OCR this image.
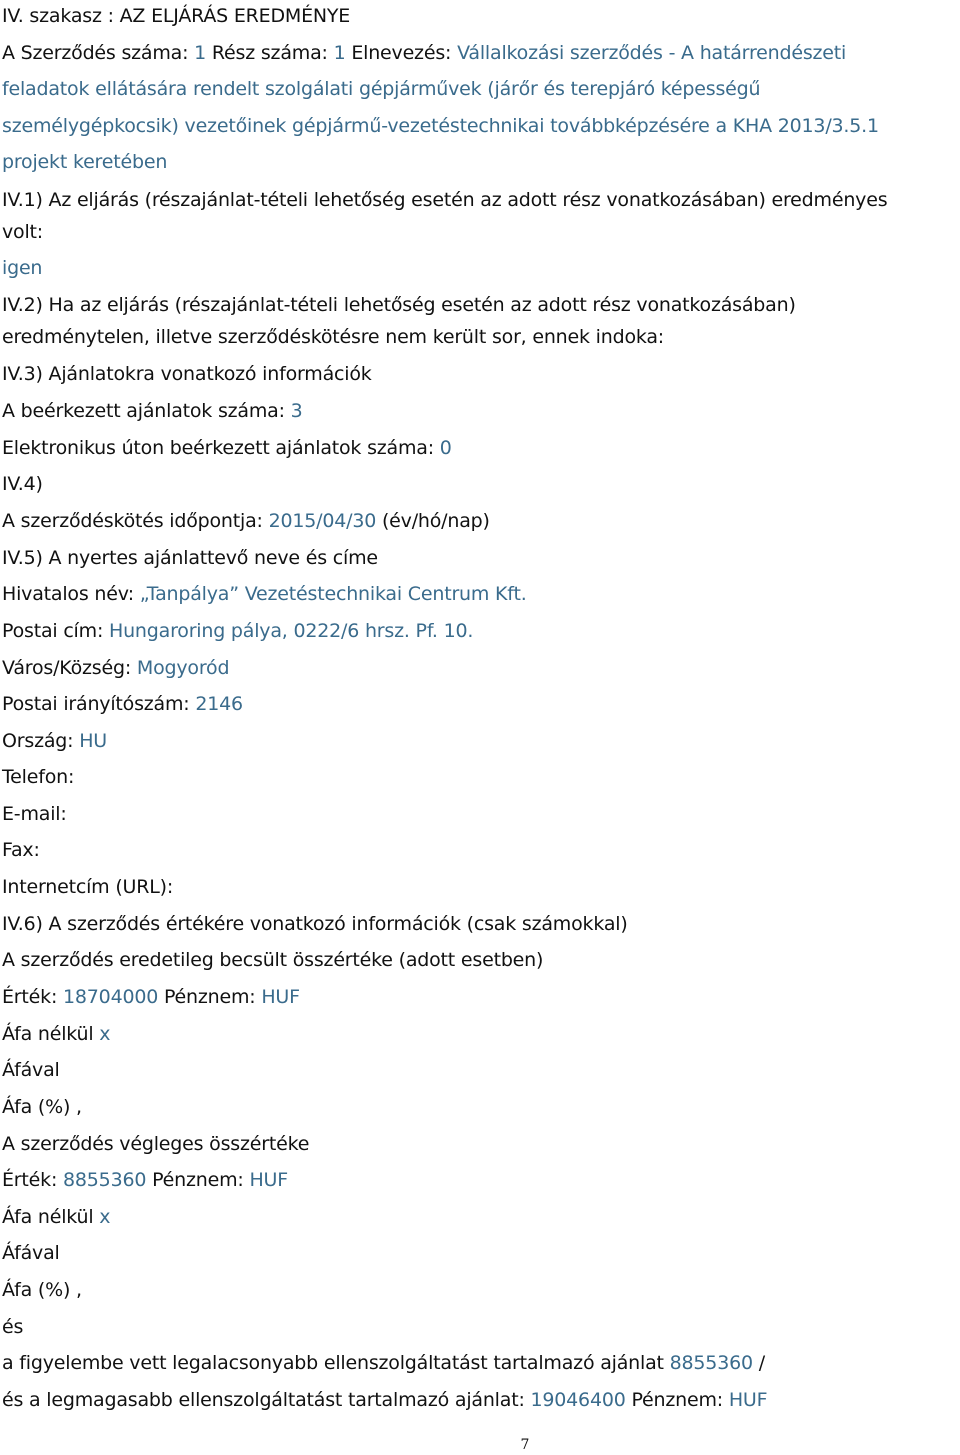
IV. szakasz : AZ ELJÁRÁS EREDMÉNYE
A Szerződés száma: 1 Rész száma: 1 Elnevezés: Vállalkozási szerződés - A határrendészeti
feladatok ellátására rendelt szolgálati gépjárművek (járőr és terepjáró képességű
személygépkocsik) vezetőinek gépjármű-vezetéstechnikai továbbképzésére a KHA 2013/3.5.1
projekt keretében
IV.1) Az eljárás (részajánlat-tételi lehetőség esetén az adott rész vonatkozásában) eredményes
volt:
igen
IV.2) Ha az eljárás (részajánlat-tételi lehetőség esetén az adott rész vonatkozásában)
eredménytelen, illetve szerződéskötésre nem került sor, ennek indoka:
IV.3) Ajánlatokra vonatkozó információk
A beérkezett ajánlatok száma: 3
Elektronikus úton beérkezett ajánlatok száma: 0
IV.4)
A szerződéskötés időpontja: 2015/04/30 (év/hó/nap)
IV.5) A nyertes ajánlattevő neve és címe
Hivatalos név: „Tanpálya” Vezetéstechnikai Centrum Kft.
Postai cím: Hungaroring pálya, 0222/6 hrsz. Pf. 10.
Város/Község: Mogyoród
Postai irányítószám: 2146
Ország: HU
Telefon:
E-mail:
Fax:
Internetcím (URL):
IV.6) A szerződés értékére vonatkozó információk (csak számokkal)
A szerződés eredetileg becsült összértéke (adott esetben)
Érték: 18704000 Pénznem: HUF
Áfa nélkül x
Áfával
Áfa (%) ,
A szerződés végleges összértéke
Érték: 8855360 Pénznem: HUF
Áfa nélkül x
Áfával
Áfa (%) ,
és
a figyelembe vett legalacsonyabb ellenszolgáltatást tartalmazó ajánlat 8855360 /
és a legmagasabb ellenszolgáltatást tartalmazó ajánlat: 19046400 Pénznem: HUF
7
